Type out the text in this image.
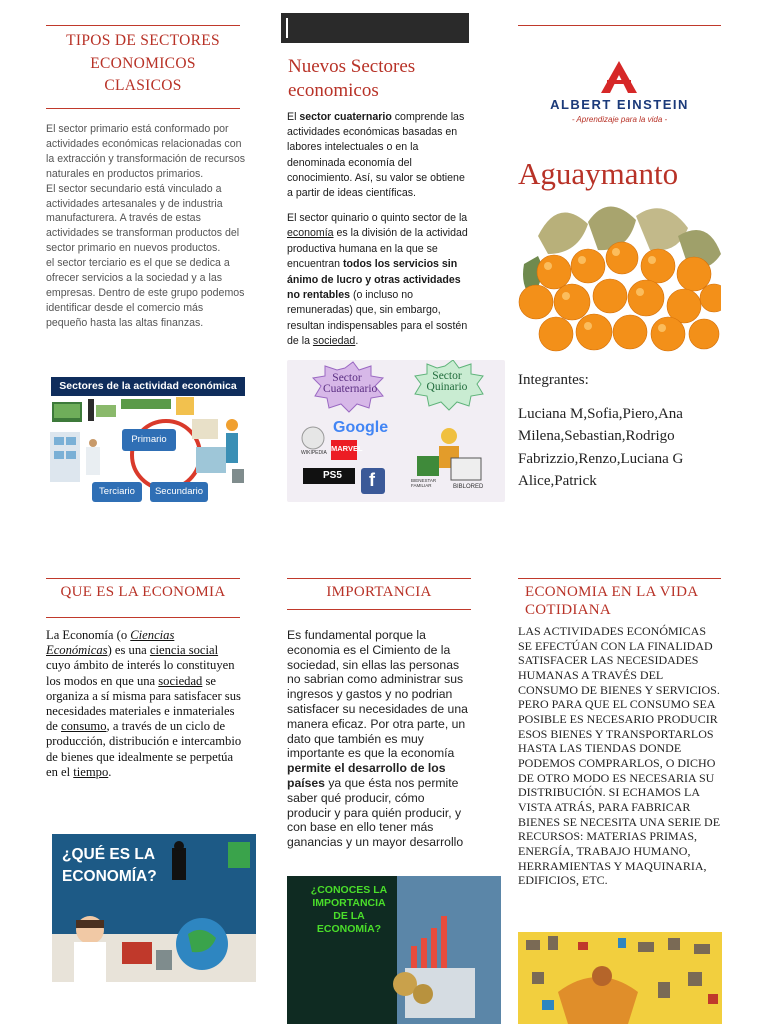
TIPOS DE SECTORES
ECONOMICOS
CLASICOS

El sector primario está conformado por actividades económicas relacionadas con la extracción y transformación de recursos naturales en productos primarios.

El sector secundario está vinculado a actividades artesanales y de industria manufacturera. A través de estas actividades se transforman productos del sector primario en nuevos productos.

el sector terciario es el que se dedica a ofrecer servicios a la sociedad y a las empresas. Dentro de este grupo podemos identificar desde el comercio más pequeño hasta las altas finanzas.

Sectores de la actividad económica
Primario
Terciario	Secundario
Nuevos Sectores economicos
El sector cuaternario comprende las actividades económicas basadas en labores intelectuales o en la denominada economía del conocimiento. Así, su valor se obtiene a partir de ideas científicas.
El sector quinario o quinto sector de la economía es la división de la actividad productiva humana en la que se encuentran todos los servicios sin ánimo de lucro y otras actividades no rentables (o incluso no remuneradas) que, sin embargo, resultan indispensables para el sostén de la sociedad.
Sector
Cuaternario
Sector
Quinario
Google
WIKIPEDIA MARVEL
PS5 f	BIENESTAR FAMILIAR	BIBLORED
ALBERT EINSTEIN
- Aprendizaje para la vida -
Aguaymanto
Integrantes:
Luciana M,Sofia,Piero,Ana Milena,Sebastian,Rodrigo Fabrizzio,Renzo,Luciana G Alice,Patrick
QUE ES LA ECONOMIA
La Economía (o Ciencias Económicas) es una ciencia social cuyo ámbito de interés lo constituyen los modos en que una sociedad se organiza a sí misma para satisfacer sus necesidades materiales e inmateriales de consumo, a través de un ciclo de producción, distribución e intercambio de bienes que idealmente se perpetúa en el tiempo.
¿QUÉ ES LA
ECONOMÍA?
IMPORTANCIA
Es fundamental porque la economia es el Cimiento de la sociedad, sin ellas las personas no sabrian como administrar sus ingresos y gastos y no podrian satisfacer su necesidades de una manera eficaz. Por otra parte, un dato que también es muy importante es que la economía permite el desarrollo de los países ya que ésta nos permite saber qué producir, cómo producir y para quién producir, y con base en ello tener más ganancias y un mayor desarrollo
¿CONOCES LA
IMPORTANCIA
DE LA ECONOMÍA?
ECONOMIA EN LA VIDA COTIDIANA
LAS ACTIVIDADES ECONÓMICAS SE EFECTÚAN CON LA FINALIDAD SATISFACER LAS NECESIDADES HUMANAS A TRAVÉS DEL CONSUMO DE BIENES Y SERVICIOS. PERO PARA QUE EL CONSUMO SEA POSIBLE ES NECESARIO PRODUCIR ESOS BIENES Y TRANSPORTARLOS HASTA LAS TIENDAS DONDE PODEMOS COMPRARLOS, O DICHO DE OTRO MODO ES NECESARIA SU DISTRIBUCIÓN. SI ECHAMOS LA VISTA ATRÁS, PARA FABRICAR BIENES SE NECESITA UNA SERIE DE RECURSOS: MATERIAS PRIMAS, ENERGÍA, TRABAJO HUMANO, HERRAMIENTAS Y MAQUINARIA, EDIFICIOS, ETC.
